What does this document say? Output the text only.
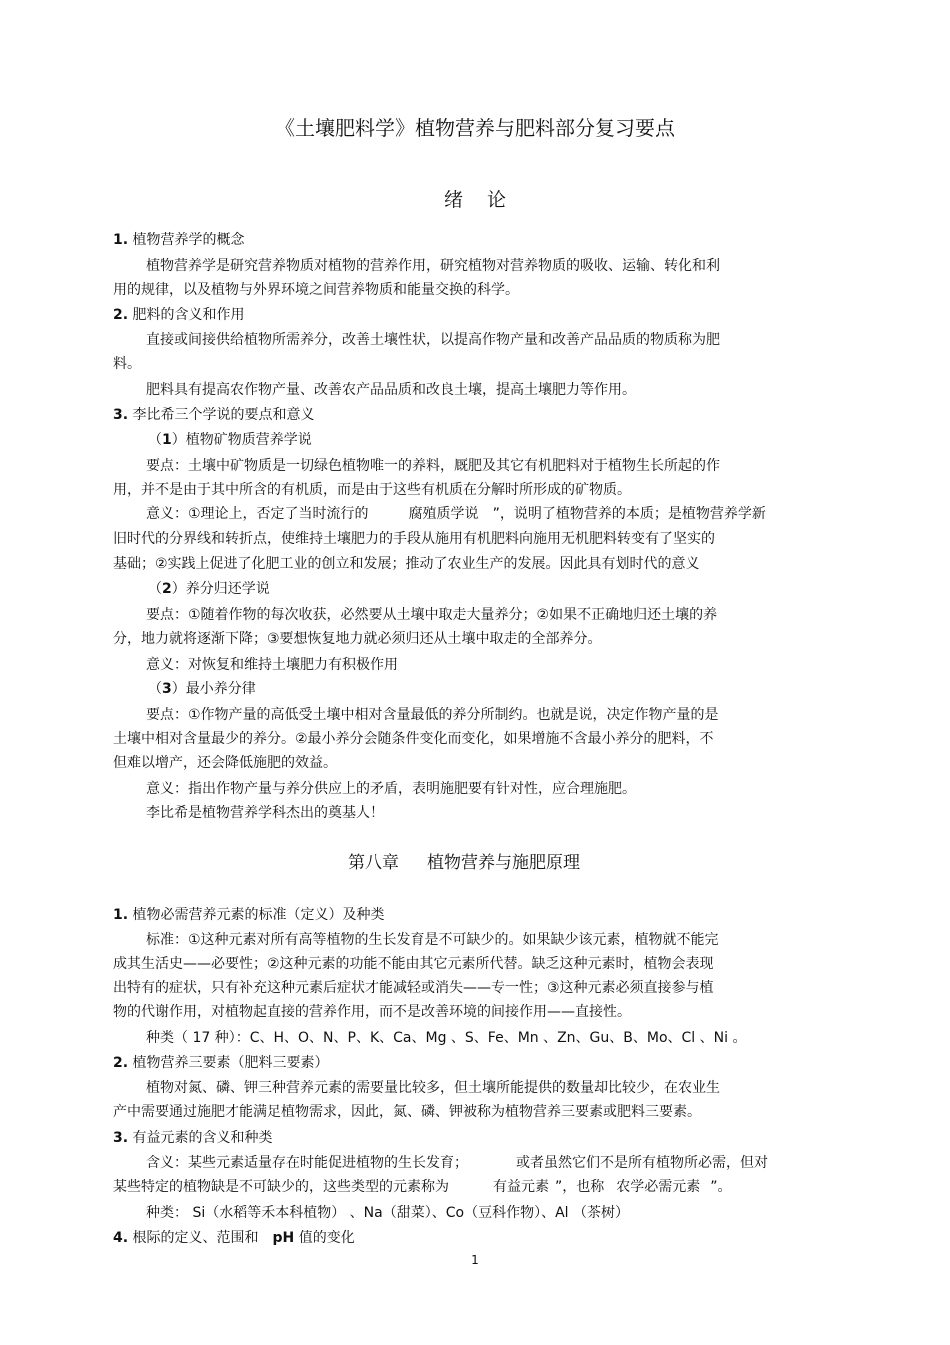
《土壤肥料学》植物营养与肥料部分复习要点
绪论
1. 植物营养学的概念
植物营养学是研究营养物质对植物的营养作用，研究植物对营养物质的吸收、运输、转化和利
用的规律，以及植物与外界环境之间营养物质和能量交换的科学。
2. 肥料的含义和作用
直接或间接供给植物所需养分，改善土壤性状，以提高作物产量和改善产品品质的物质称为肥
料。
肥料具有提高农作物产量、改善农产品品质和改良土壤，提高土壤肥力等作用。
3. 李比希三个学说的要点和意义
（1）植物矿物质营养学说
要点：土壤中矿物质是一切绿色植物唯一的养料，厩肥及其它有机肥料对于植物生长所起的作
用，并不是由于其中所含的有机质，而是由于这些有机质在分解时所形成的矿物质。
意义：①理论上，否定了当时流行的	腐殖质学说 ”，说明了植物营养的本质；是植物营养学新
旧时代的分界线和转折点，使维持土壤肥力的手段从施用有机肥料向施用无机肥料转变有了坚实的
基础；②实践上促进了化肥工业的创立和发展；推动了农业生产的发展。因此具有划时代的意义
（2）养分归还学说
要点：①随着作物的每次收获，必然要从土壤中取走大量养分；②如果不正确地归还土壤的养
分，地力就将逐渐下降；③要想恢复地力就必须归还从土壤中取走的全部养分。
意义：对恢复和维持土壤肥力有积极作用
（3）最小养分律
要点：①作物产量的高低受土壤中相对含量最低的养分所制约。也就是说，决定作物产量的是
土壤中相对含量最少的养分。②最小养分会随条件变化而变化，如果增施不含最小养分的肥料，不
但难以增产，还会降低施肥的效益。
意义：指出作物产量与养分供应上的矛盾，表明施肥要有针对性，应合理施肥。
李比希是植物营养学科杰出的奠基人！
第八章 植物营养与施肥原理
1. 植物必需营养元素的标准（定义）及种类
标准：①这种元素对所有高等植物的生长发育是不可缺少的。如果缺少该元素，植物就不能完
成其生活史——必要性；②这种元素的功能不能由其它元素所代替。缺乏这种元素时，植物会表现
出特有的症状，只有补充这种元素后症状才能减轻或消失——专一性；③这种元素必须直接参与植
物的代谢作用，对植物起直接的营养作用，而不是改善环境的间接作用——直接性。
种类（ 17 种）：C、H、O、N、P、K、Ca、Mg 、S、Fe、Mn 、Zn、Gu、B、Mo、Cl 、Ni 。
2. 植物营养三要素（肥料三要素）
植物对氮、磷、钾三种营养元素的需要量比较多，但土壤所能提供的数量却比较少，在农业生
产中需要通过施肥才能满足植物需求，因此，氮、磷、钾被称为植物营养三要素或肥料三要素。
3. 有益元素的含义和种类
含义：某些元素适量存在时能促进植物的生长发育；	或者虽然它们不是所有植物所必需，但对
某些特定的植物缺是不可缺少的，这些类型的元素称为	有益元素 ”，也称 农学必需元素 ”。
种类： Si（水稻等禾本科植物） 、Na（甜菜）、Co（豆科作物）、Al （茶树）
4. 根际的定义、范围和 pH 值的变化
1
